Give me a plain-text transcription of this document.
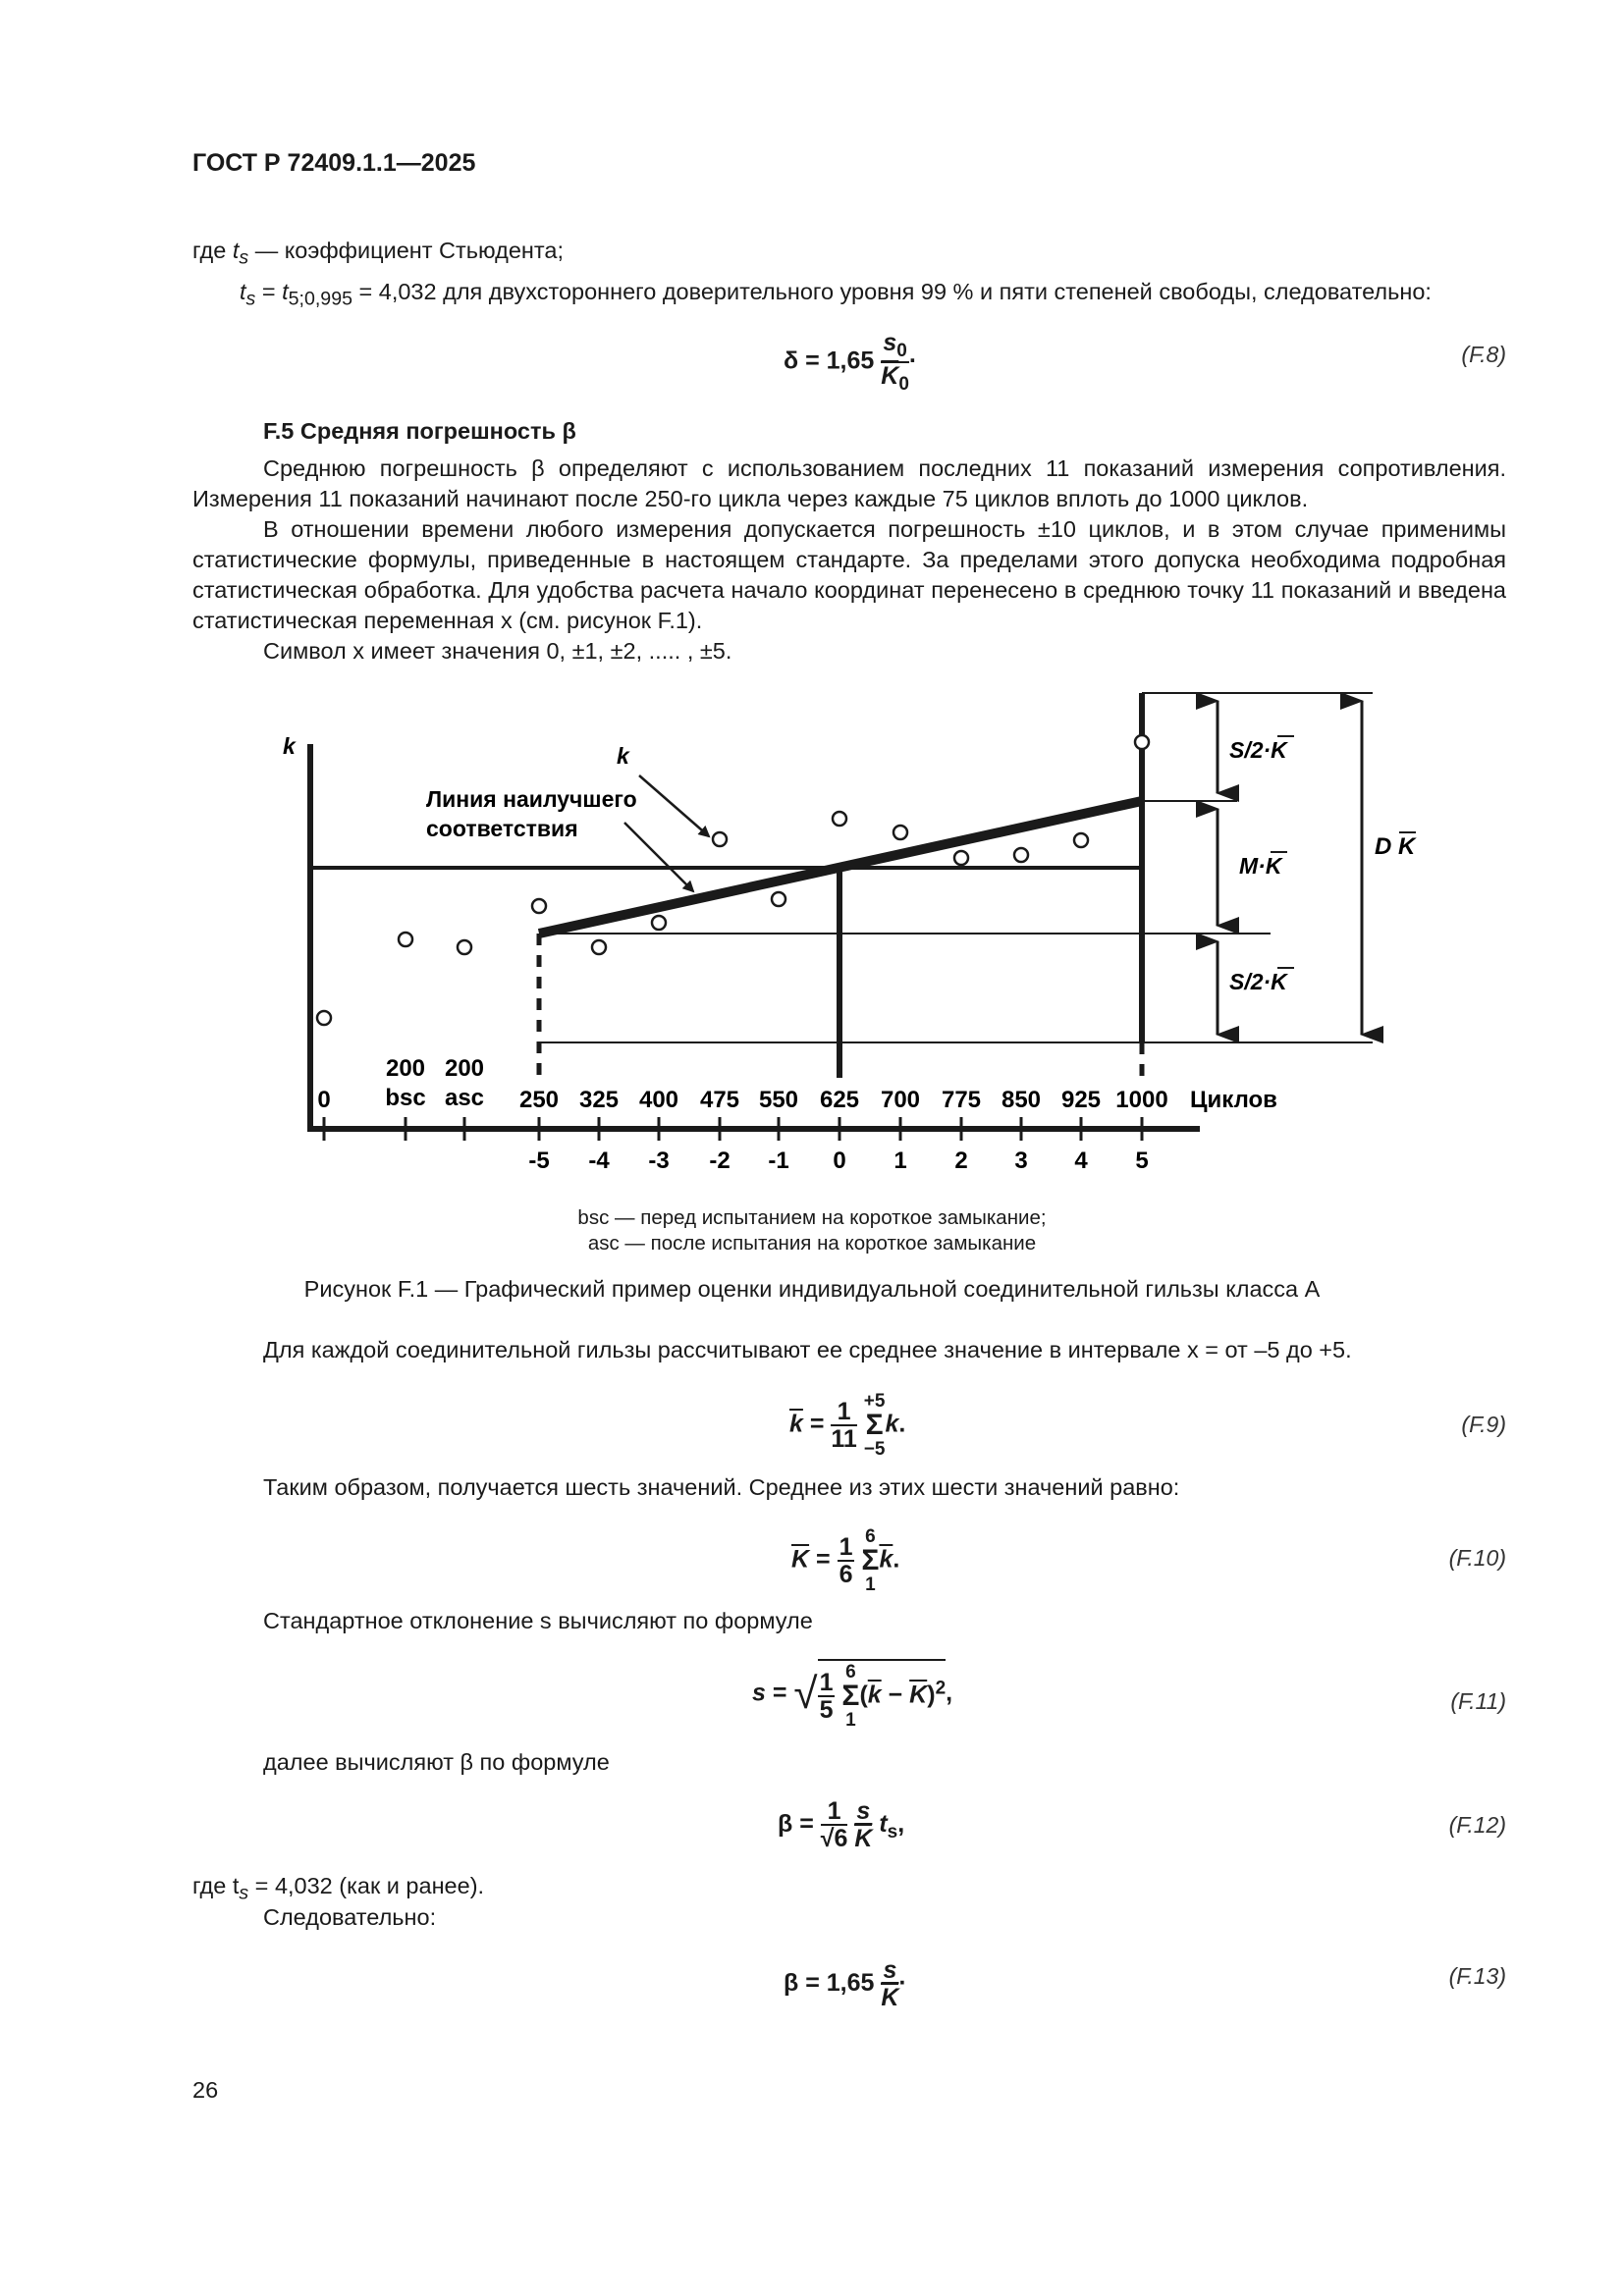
ГОСТ Р 72409.1.1—2025
где $t_s$ — коэффициент Стьюдента;
$t_s = t_{5;0,995} = 4,032$ для двухстороннего доверительного уровня 99 % и пяти степеней свободы, следовательно:
$\delta = 1,65 \frac{s_0}{\overline{K}_0}$ ·	(F.8)
F.5 Средняя погрешность β
Среднюю погрешность β определяют с использованием последних 11 показаний измерения сопротивления. Измерения 11 показаний начинают после 250-го цикла через каждые 75 циклов вплоть до 1000 циклов.
В отношении времени любого измерения допускается погрешность ±10 циклов, и в этом случае применимы статистические формулы, приведенные в настоящем стандарте. За пределами этого допуска необходима подробная статистическая обработка. Для удобства расчета начало координат перенесено в среднюю точку 11 показаний и введена статистическая переменная x (см. рисунок F.1).
Символ x имеет значения 0, ±1, ±2, ..... , ±5.
k	k
Линия наилучшего
соответствия
0
200
bsc
200
asc 250 325 400 475 550 625 700 775 850 925 1000 Циклов
-5 -4 -3 -2 -1 0 1 2 3 4 5
S/2·K
M·K
S/2·K
D K
bsc — перед испытанием на короткое замыкание;
asc — после испытания на короткое замыкание
Рисунок F.1 — Графический пример оценки индивидуальной соединительной гильзы класса А
Для каждой соединительной гильзы рассчитывают ее среднее значение в интервале x = от –5 до +5.
$\overline{k} = \frac{1}{11}$
+5
Σ
−5
k.	(F.9)
Таким образом, получается шесть значений. Среднее из этих шести значений равно:
$\overline{K} = \frac{1}{6}$
6
Σ
1
$\overline{k}$.	(F.10)
Стандартное отклонение s вычисляют по формуле
s = √ $\frac{1}{5}$
6
Σ
1
$(\overline{k} - \overline{K})^2$,	(F.11)
далее вычисляют β по формуле
$\beta = \frac{1}{√6}$
$\frac{s}{K} t_s$,	(F.12)
где $t_s = 4,032$ (как и ранее).
Следовательно:
$\beta = 1,65 \frac{s}{K}$ ·	(F.13)
26
